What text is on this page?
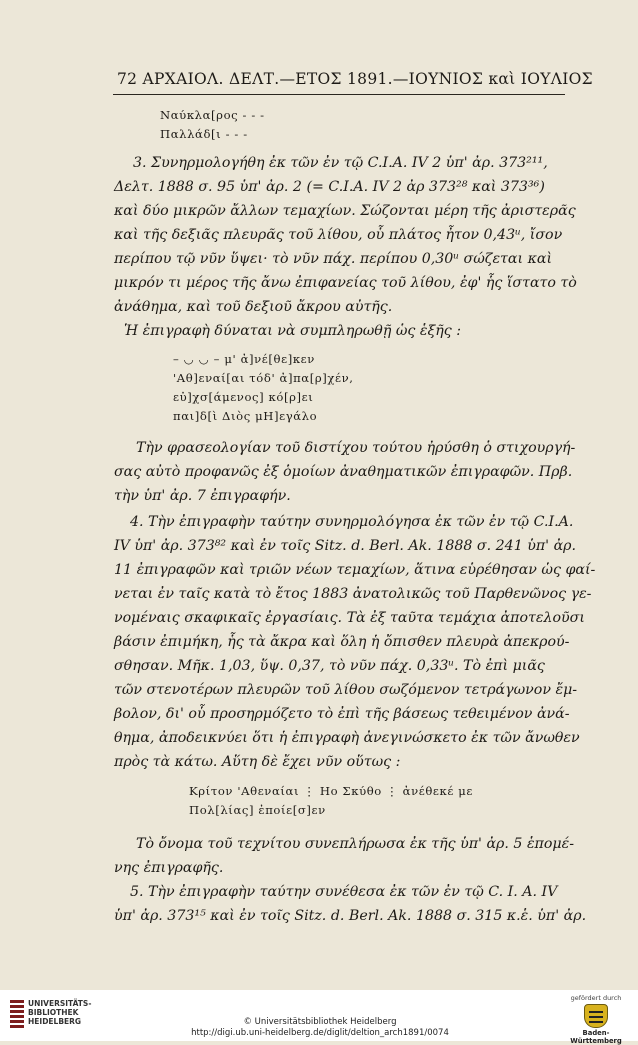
72 ΑΡΧΑΙΟΛ. ΔΕΛΤ.—ΕΤΟΣ 1891.—ΙΟΥΝΙΟΣ καὶ ΙΟΥΛΙΟΣ
Ναύκλα[ρος - - -
Παλλάδ[ι - - -
3. Συνηρμολογήθη ἐκ τῶν ἐν τῷ C.I.A. IV 2 ὑπ' ἀρ. 373²¹¹,
Δελτ. 1888 σ. 95 ὑπ' ἀρ. 2 (= C.I.A. IV 2 ἀρ 373²⁸ καὶ 373³⁶)
καὶ δύο μικρῶν ἄλλων τεμαχίων. Σώζονται μέρη τῆς ἀριστερᾶς
καὶ τῆς δεξιᾶς πλευρᾶς τοῦ λίθου, οὗ πλάτος ἦτον 0,43ᵘ, ἴσον
περίπου τῷ νῦν ὕψει· τὸ νῦν πάχ. περίπου 0,30ᵘ σώζεται καὶ
μικρόν τι μέρος τῆς ἄνω ἐπιφανείας τοῦ λίθου, ἐφ' ἧς ἵστατο τὸ
ἀνάθημα, καὶ τοῦ δεξιοῦ ἄκρου αὐτῆς.
Ἡ ἐπιγραφὴ δύναται νὰ συμπληρωθῇ ὡς ἑξῆς :
– ◡ ◡ – μ' ἀ]νέ[θε]κεν
'Αθ]εναί[αι τόδ' ἀ]πα[ρ]χέν,
εὐ]χσ[άμενος] κό[ρ]ει
παι]δ[ὶ Διὸς μΗ]εγάλο
Τὴν φρασεολογίαν τοῦ διστίχου τούτου ἠρύσθη ὁ στιχουργή-
σας αὐτὸ προφανῶς ἐξ ὁμοίων ἀναθηματικῶν ἐπιγραφῶν. Πρβ.
τὴν ὑπ' ἀρ. 7 ἐπιγραφήν.
4. Τὴν ἐπιγραφὴν ταύτην συνηρμολόγησα ἐκ τῶν ἐν τῷ C.I.A.
IV ὑπ' ἀρ. 373⁸² καὶ ἐν τοῖς Sitz. d. Berl. Ak. 1888 σ. 241 ὑπ' ἀρ.
11 ἐπιγραφῶν καὶ τριῶν νέων τεμαχίων, ἅτινα εὑρέθησαν ὡς φαί-
νεται ἐν ταῖς κατὰ τὸ ἔτος 1883 ἀνατολικῶς τοῦ Παρθενῶνος γε-
νομέναις σκαφικαῖς ἐργασίαις. Τὰ ἐξ ταῦτα τεμάχια ἀποτελοῦσι
βάσιν ἐπιμήκη, ἧς τὰ ἄκρα καὶ ὅλη ἡ ὄπισθεν πλευρὰ ἀπεκρού-
σθησαν. Μῆκ. 1,03, ὕψ. 0,37, τὸ νῦν πάχ. 0,33ᵘ. Τὸ ἐπὶ μιᾶς
τῶν στενοτέρων πλευρῶν τοῦ λίθου σωζόμενον τετράγωνον ἔμ-
βολον, δι' οὗ προσηρμόζετο τὸ ἐπὶ τῆς βάσεως τεθειμένον ἀνά-
θημα, ἀποδεικνύει ὅτι ἡ ἐπιγραφὴ ἀνεγινώσκετο ἐκ τῶν ἄνωθεν
πρὸς τὰ κάτω. Αὕτη δὲ ἔχει νῦν οὕτως :
Κρίτον 'Αθεναίαι ⋮ Ηο Σκύθο ⋮ ἀνέθεκέ με
Πολ[λίας] ἐποίε[σ]εν
Τὸ ὄνομα τοῦ τεχνίτου συνεπλήρωσα ἐκ τῆς ὑπ' ἀρ. 5 ἑπομέ-
νης ἐπιγραφῆς.
5. Τὴν ἐπιγραφὴν ταύτην συνέθεσα ἐκ τῶν ἐν τῷ C. I. A. IV
ὑπ' ἀρ. 373¹⁵ καὶ ἐν τοῖς Sitz. d. Berl. Ak. 1888 σ. 315 κ.ἑ. ὑπ' ἀρ.
UNIVERSITÄTS-
BIBLIOTHEK
HEIDELBERG	© Universitätsbibliothek Heidelberg
http://digi.ub.uni-heidelberg.de/diglit/deltion_arch1891/0074
gefördert durch
Baden-Württemberg
